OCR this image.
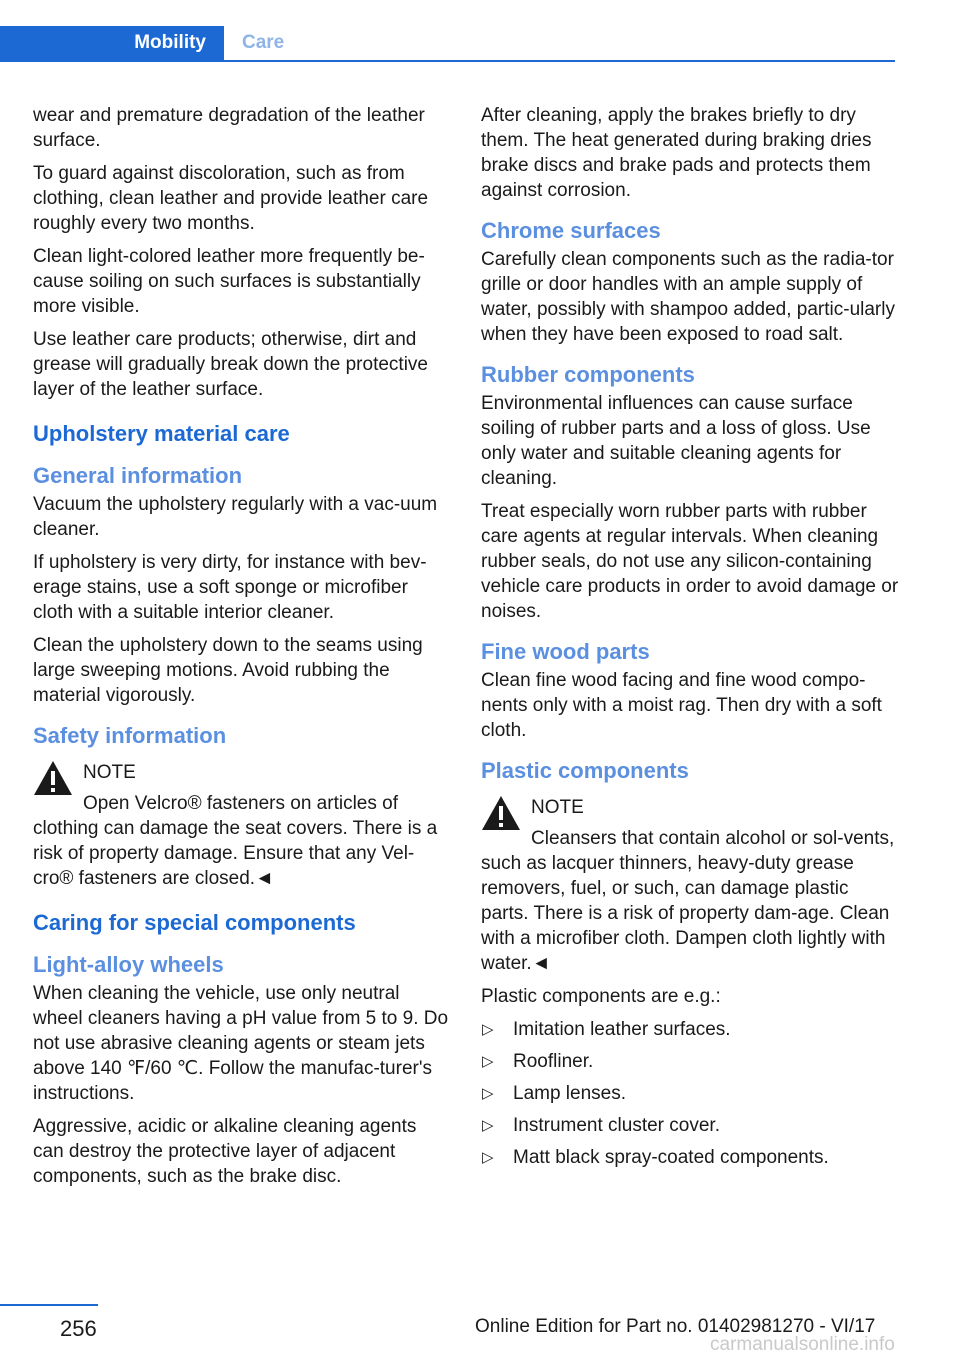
Mobility	Care

wear and premature degradation of the leather surface.

To guard against discoloration, such as from clothing, clean leather and provide leather care roughly every two months.

Clean light-colored leather more frequently be-cause soiling on such surfaces is substantially more visible.

Use leather care products; otherwise, dirt and grease will gradually break down the protective layer of the leather surface.

Upholstery material care
General information

Vacuum the upholstery regularly with a vac-uum cleaner.

If upholstery is very dirty, for instance with bev-erage stains, use a soft sponge or microfiber cloth with a suitable interior cleaner.

Clean the upholstery down to the seams using large sweeping motions. Avoid rubbing the material vigorously.

Safety information
NOTE
Open Velcro® fasteners on articles of clothing can damage the seat covers. There is a risk of property damage. Ensure that any Vel-cro® fasteners are closed.◄
Caring for special components
Light-alloy wheels

When cleaning the vehicle, use only neutral wheel cleaners having a pH value from 5 to 9. Do not use abrasive cleaning agents or steam jets above 140 ℉/60 ℃. Follow the manufac-turer's instructions.

Aggressive, acidic or alkaline cleaning agents can destroy the protective layer of adjacent components, such as the brake disc.

After cleaning, apply the brakes briefly to dry them. The heat generated during braking dries brake discs and brake pads and protects them against corrosion.

Chrome surfaces

Carefully clean components such as the radia-tor grille or door handles with an ample supply of water, possibly with shampoo added, partic-ularly when they have been exposed to road salt.

Rubber components

Environmental influences can cause surface soiling of rubber parts and a loss of gloss. Use only water and suitable cleaning agents for cleaning.

Treat especially worn rubber parts with rubber care agents at regular intervals. When cleaning rubber seals, do not use any silicon-containing vehicle care products in order to avoid damage or noises.

Fine wood parts

Clean fine wood facing and fine wood compo-nents only with a moist rag. Then dry with a soft cloth.

Plastic components
NOTE
Cleansers that contain alcohol or sol-vents, such as lacquer thinners, heavy-duty grease removers, fuel, or such, can damage plastic parts. There is a risk of property dam-age. Clean with a microfiber cloth. Dampen cloth lightly with water.◄

Plastic components are e.g.:

▷ Imitation leather surfaces.
▷ Roofliner.
▷ Lamp lenses.
▷ Instrument cluster cover.
▷ Matt black spray-coated components.
256	Online Edition for Part no. 01402981270 - VI/17
carmanualsonline.info
